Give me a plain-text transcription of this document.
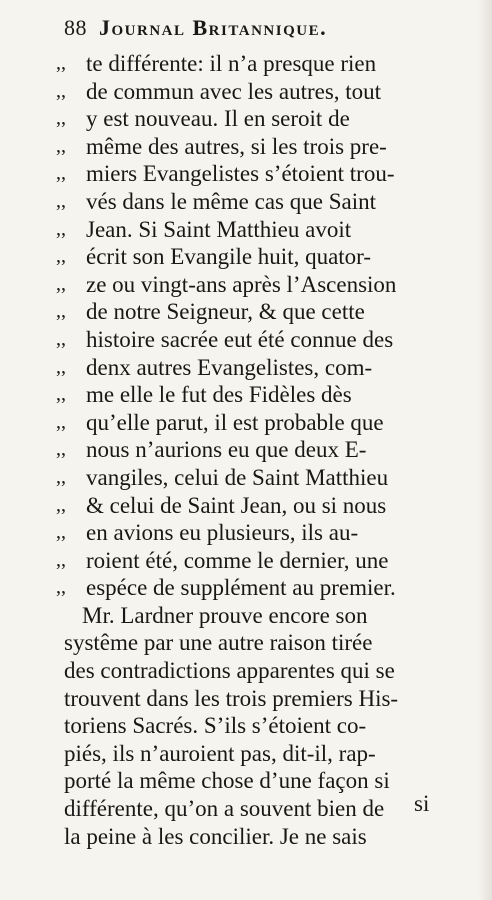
88 Journal Britannique.
,, te différente: il n’a presque rien
,, de commun avec les autres, tout
,, y est nouveau. Il en seroit de
,, même des autres, si les trois pre-
,, miers Evangelistes s’étoient trou-
,, vés dans le même cas que Saint
,, Jean. Si Saint Matthieu avoit
,, écrit son Evangile huit, quator-
,, ze ou vingt-ans après l’Ascension
,, de notre Seigneur, & que cette
,, histoire sacrée eut été connue des
,, denx autres Evangelistes, com-
,, me elle le fut des Fidèles dès
,, qu’elle parut, il est probable que
,, nous n’aurions eu que deux E-
,, vangiles, celui de Saint Matthieu
,, & celui de Saint Jean, ou si nous
,, en avions eu plusieurs, ils au-
,, roient été, comme le dernier, une
,, espéce de supplément au premier.
Mr. Lardner prouve encore son
systême par une autre raison tirée
des contradictions apparentes qui se
trouvent dans les trois premiers His-
toriens Sacrés. S’ils s’étoient co-
piés, ils n’auroient pas, dit-il, rap-
porté la même chose d’une façon si
différente, qu’on a souvent bien de
la peine à les concilier. Je ne sais
si
